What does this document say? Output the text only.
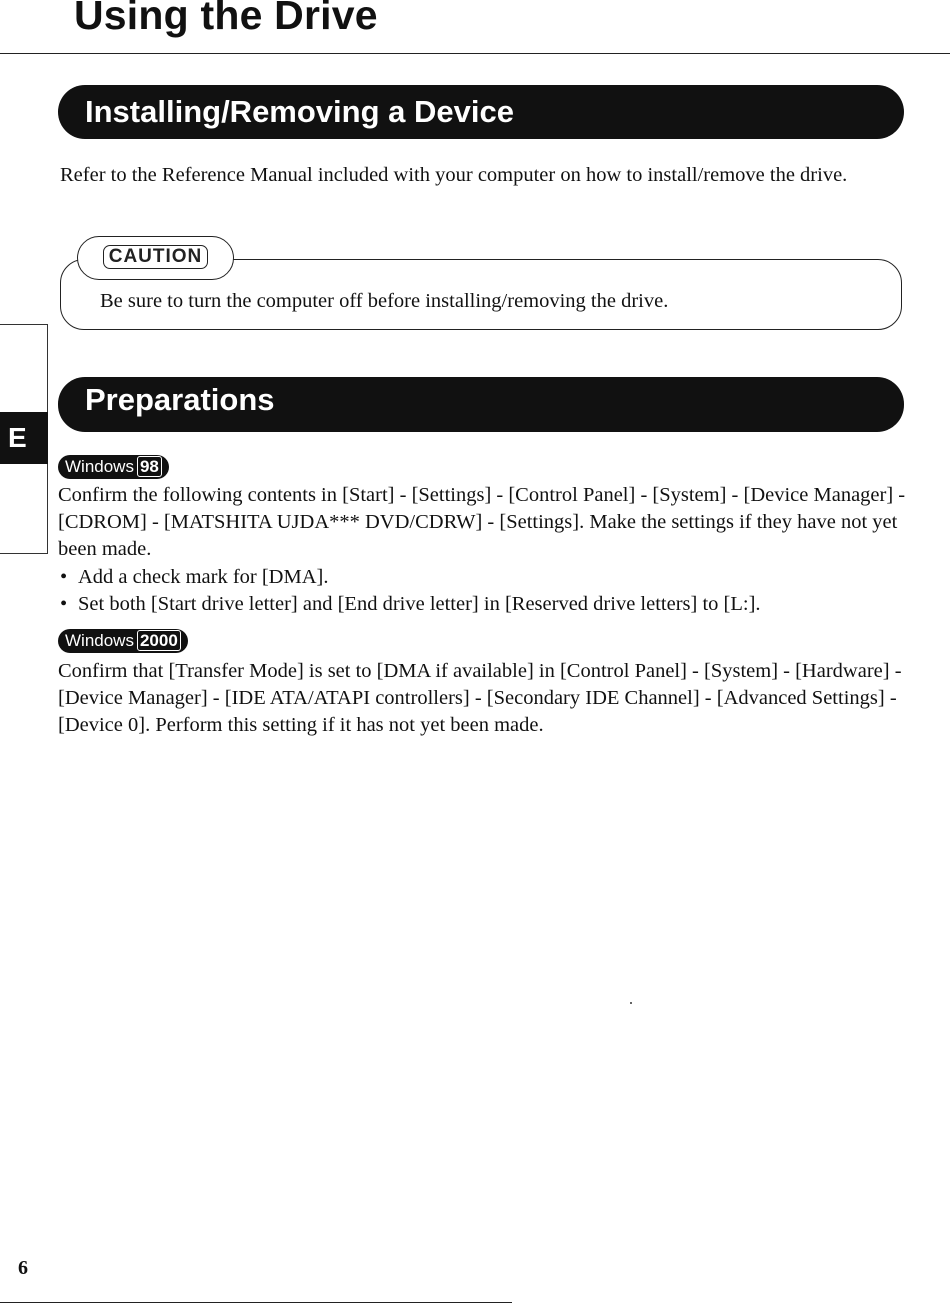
Using the Drive
Installing/Removing a Device
Refer to the Reference Manual included with your computer on how to install/remove the drive.
CAUTION
Be sure to turn the computer off before installing/removing the drive.
E
Preparations
Windows 98
Confirm the following contents in [Start] - [Settings] - [Control Panel] - [System] - [Device Manager] - [CDROM] - [MATSHITA UJDA*** DVD/CDRW] - [Settings]. Make the settings if they have not yet been made.
• Add a check mark for [DMA].
• Set both [Start drive letter] and [End drive letter] in [Reserved drive letters] to [L:].
Windows 2000
Confirm that [Transfer Mode] is set to [DMA if available] in [Control Panel] - [System] - [Hardware] - [Device Manager] - [IDE ATA/ATAPI controllers] - [Secondary IDE Channel] - [Advanced Settings] - [Device 0]. Perform this setting if it has not yet been made.
6
